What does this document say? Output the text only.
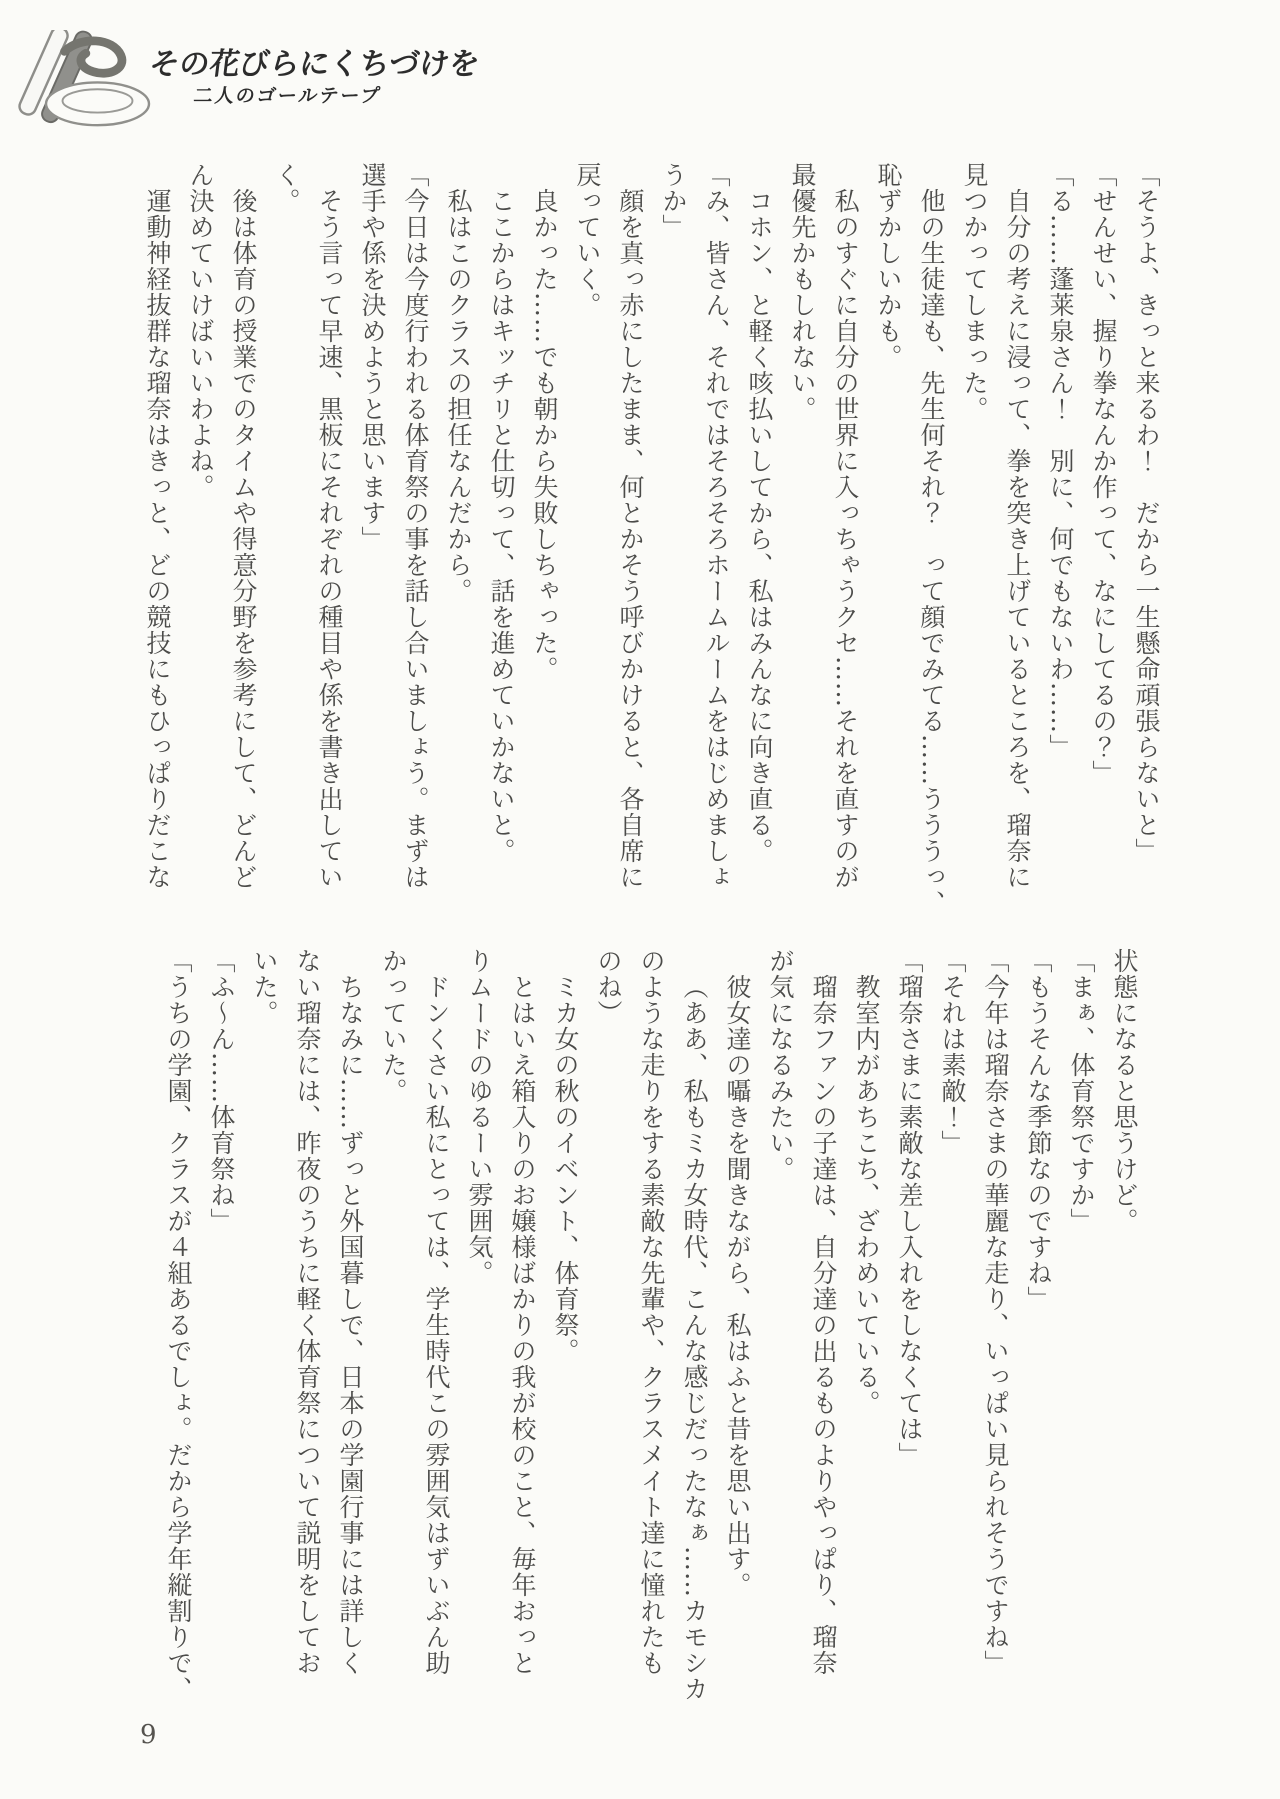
その花びらにくちづけを
二人のゴールテープ

「そうよ、きっと来るわ！　だから一生懸命頑張らないと」

「せんせい、握り拳なんか作って、なにしてるの？」

「る……蓬莱泉さん！　別に、何でもないわ……」

自分の考えに浸って、拳を突き上げているところを、瑠奈に

見つかってしまった。

他の生徒達も、先生何それ？　って顔でみてる……うううっ、

恥ずかしいかも。

私のすぐに自分の世界に入っちゃうクセ……それを直すのが

最優先かもしれない。

コホン、と軽く咳払いしてから、私はみんなに向き直る。

「み、皆さん、それではそろそろホームルームをはじめましょ

うか」

顔を真っ赤にしたまま、何とかそう呼びかけると、各自席に

戻っていく。

良かった……でも朝から失敗しちゃった。

ここからはキッチリと仕切って、話を進めていかないと。

私はこのクラスの担任なんだから。

「今日は今度行われる体育祭の事を話し合いましょう。まずは

選手や係を決めようと思います」

そう言って早速、黒板にそれぞれの種目や係を書き出してい

く。

後は体育の授業でのタイムや得意分野を参考にして、どんど

ん決めていけばいいわよね。

運動神経抜群な瑠奈はきっと、どの競技にもひっぱりだこな

状態になると思うけど。

「まぁ、体育祭ですか」

「もうそんな季節なのですね」

「今年は瑠奈さまの華麗な走り、いっぱい見られそうですね」

「それは素敵！」

「瑠奈さまに素敵な差し入れをしなくては」

教室内があちこち、ざわめいている。

瑠奈ファンの子達は、自分達の出るものよりやっぱり、瑠奈

が気になるみたい。

彼女達の囁きを聞きながら、私はふと昔を思い出す。

（ああ、私もミカ女時代、こんな感じだったなぁ……カモシカ

のような走りをする素敵な先輩や、クラスメイト達に憧れたも

のね）

ミカ女の秋のイベント、体育祭。

とはいえ箱入りのお嬢様ばかりの我が校のこと、毎年おっと

りムードのゆるーい雰囲気。

ドンくさい私にとっては、学生時代この雰囲気はずいぶん助

かっていた。

ちなみに……ずっと外国暮しで、日本の学園行事には詳しく

ない瑠奈には、昨夜のうちに軽く体育祭について説明をしてお

いた。

「ふ〜ん……体育祭ね」

「うちの学園、クラスが４組あるでしょ。だから学年縦割りで、

9
